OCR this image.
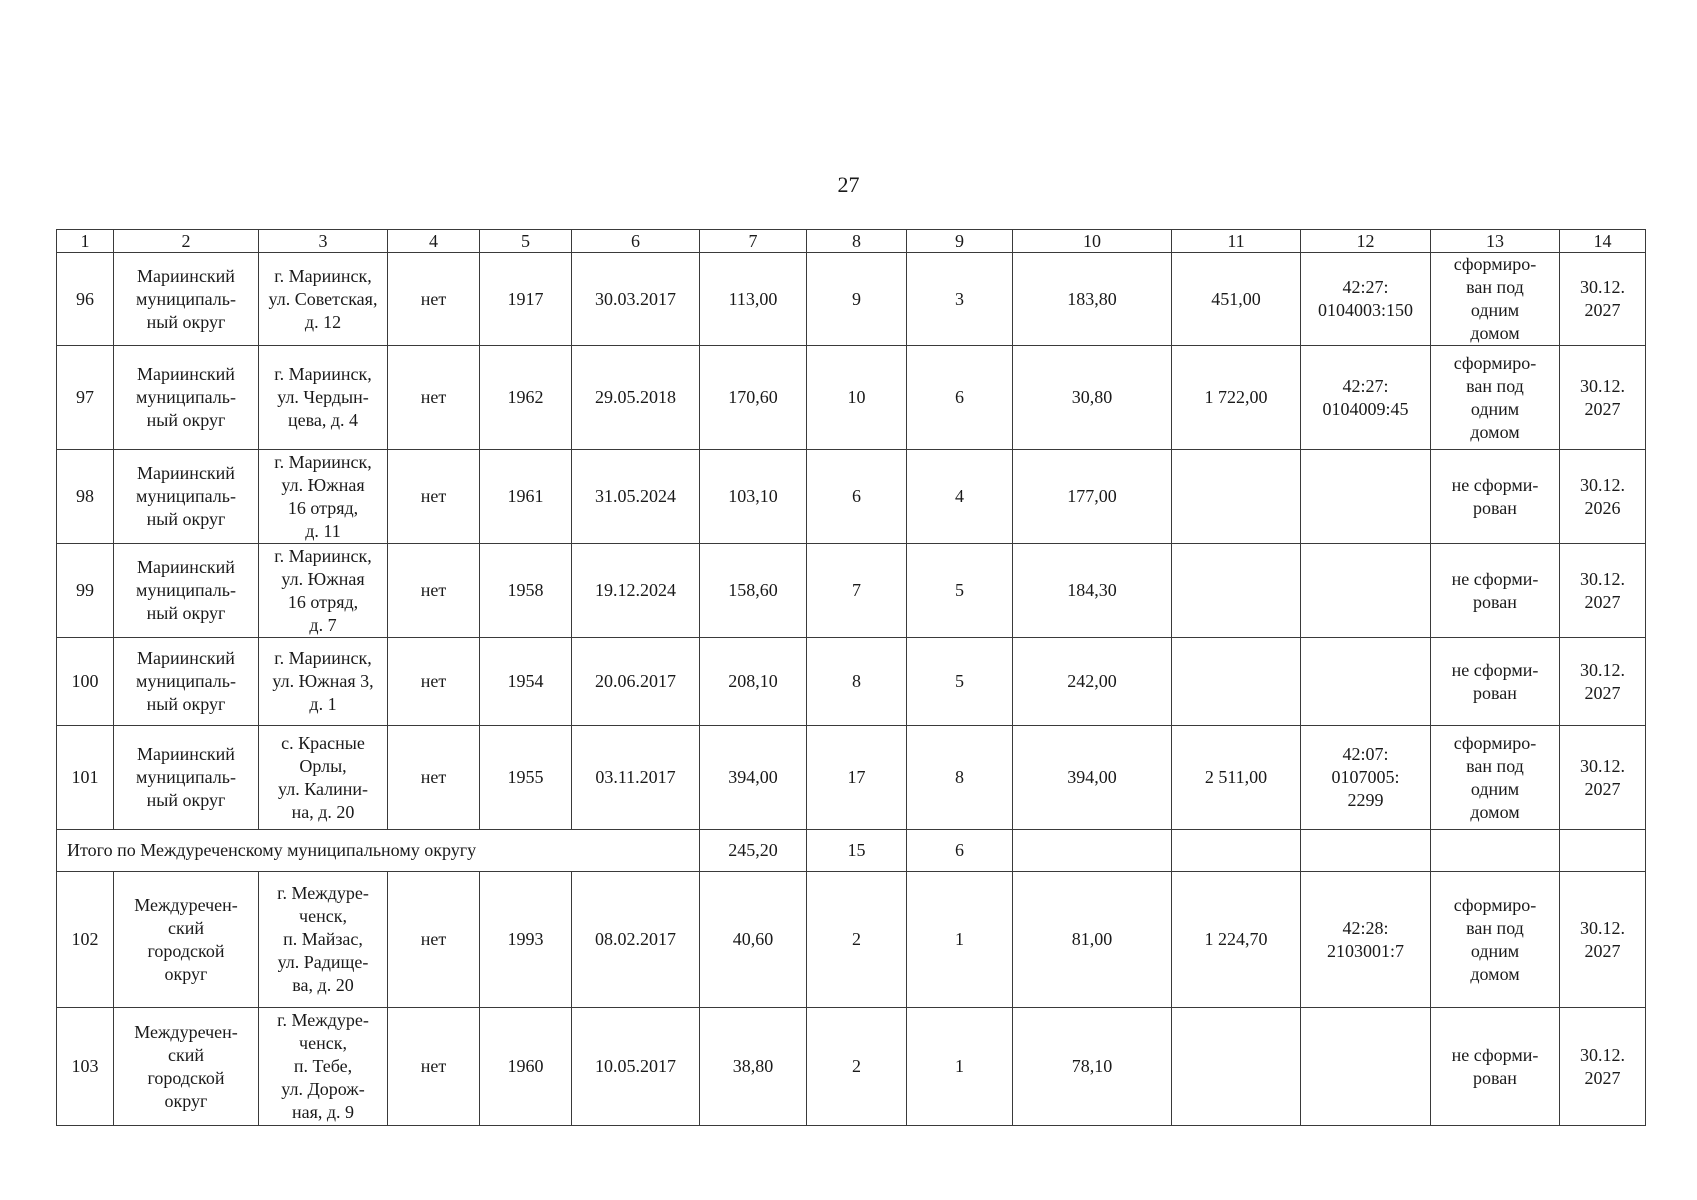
27
1	2	3	4	5	6	7	8	9	10	11	12	13	14
96	Мариинский
муниципаль-
ный округ	г. Мариинск,
ул. Советская,
д. 12	нет	1917	30.03.2017	113,00	9	3	183,80	451,00	42:27:
0104003:150	сформиро-
ван под
одним
домом	30.12.
2027
97	Мариинский
муниципаль-
ный округ	г. Мариинск,
ул. Чердын-
цева, д. 4	нет	1962	29.05.2018	170,60	10	6	30,80	1 722,00	42:27:
0104009:45	сформиро-
ван под
одним
домом	30.12.
2027
98	Мариинский
муниципаль-
ный округ	г. Мариинск,
ул. Южная
16 отряд,
д. 11	нет	1961	31.05.2024	103,10	6	4	177,00			не сформи-
рован	30.12.
2026
99	Мариинский
муниципаль-
ный округ	г. Мариинск,
ул. Южная
16 отряд,
д. 7	нет	1958	19.12.2024	158,60	7	5	184,30			не сформи-
рован	30.12.
2027
100	Мариинский
муниципаль-
ный округ	г. Мариинск,
ул. Южная 3,
д. 1	нет	1954	20.06.2017	208,10	8	5	242,00			не сформи-
рован	30.12.
2027
101	Мариинский
муниципаль-
ный округ	с. Красные
Орлы,
ул. Калини-
на, д. 20	нет	1955	03.11.2017	394,00	17	8	394,00	2 511,00	42:07:
0107005:
2299	сформиро-
ван под
одним
домом	30.12.
2027
Итого по Междуреченскому муниципальному округу						245,20	15	6					
102	Междуречен-
ский
городской
округ	г. Междуре-
ченск,
п. Майзас,
ул. Радище-
ва, д. 20	нет	1993	08.02.2017	40,60	2	1	81,00	1 224,70	42:28:
2103001:7	сформиро-
ван под
одним
домом	30.12.
2027
103	Междуречен-
ский
городской
округ	г. Междуре-
ченск,
п. Тебе,
ул. Дорож-
ная, д. 9	нет	1960	10.05.2017	38,80	2	1	78,10			не сформи-
рован	30.12.
2027
